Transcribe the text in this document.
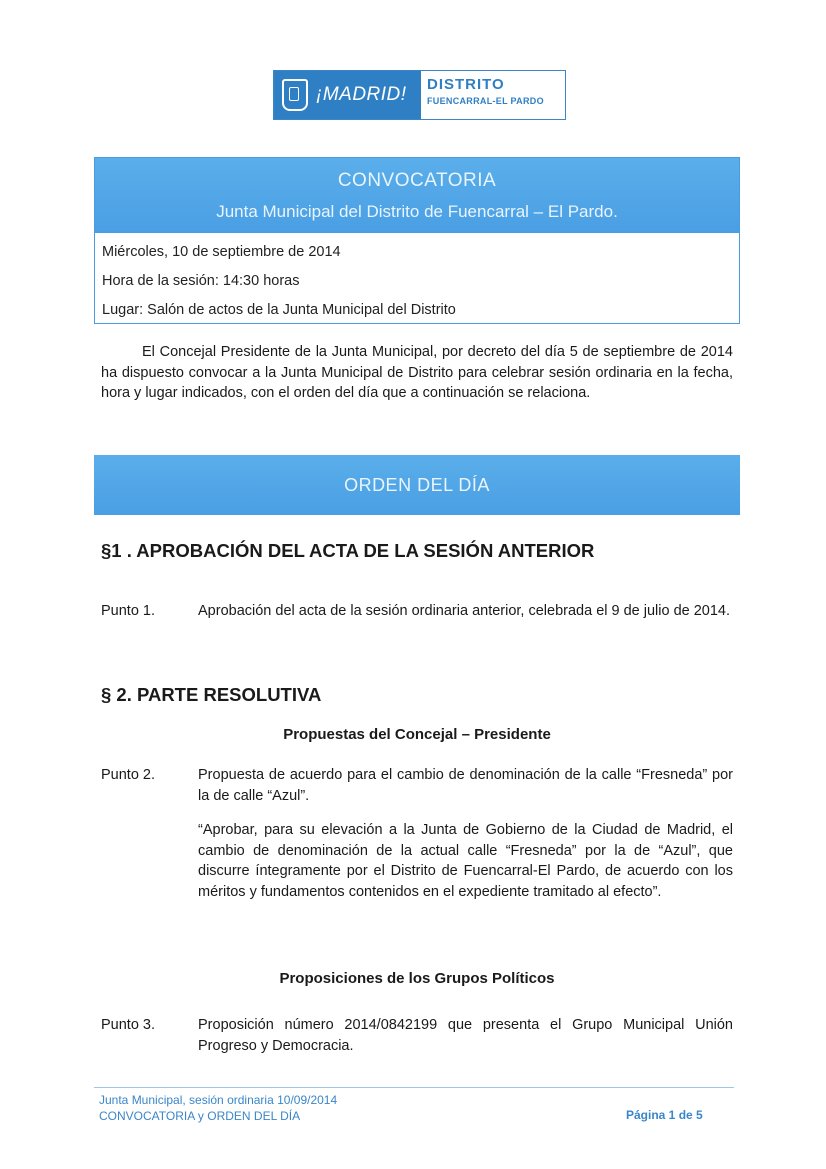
¡MADRID! DISTRITO
FUENCARRAL-EL PARDO
CONVOCATORIA
Junta Municipal del Distrito de Fuencarral – El Pardo.
Miércoles, 10 de septiembre de 2014
Hora de la sesión: 14:30 horas
Lugar: Salón de actos de la Junta Municipal del Distrito
El Concejal Presidente de la Junta Municipal, por decreto del día 5 de septiembre de 2014 ha dispuesto convocar a la Junta Municipal de Distrito para celebrar sesión ordinaria en la fecha, hora y lugar indicados, con el orden del día que a continuación se relaciona.
ORDEN DEL DÍA
§1 . APROBACIÓN DEL ACTA DE LA SESIÓN ANTERIOR
Punto 1.	Aprobación del acta de la sesión ordinaria anterior, celebrada el 9 de julio de 2014.
§ 2. PARTE RESOLUTIVA
Propuestas del Concejal – Presidente
Punto 2.	Propuesta de acuerdo para el cambio de denominación de la calle “Fresneda” por la de calle “Azul”.
“Aprobar, para su elevación a la Junta de Gobierno de la Ciudad de Madrid, el cambio de denominación de la actual calle “Fresneda” por la de “Azul”, que discurre íntegramente por el Distrito de Fuencarral-El Pardo, de acuerdo con los méritos y fundamentos contenidos en el expediente tramitado al efecto”.
Proposiciones de los Grupos Políticos
Punto 3.	Proposición número 2014/0842199 que presenta el Grupo Municipal Unión Progreso y Democracia.
Junta Municipal, sesión ordinaria 10/09/2014
CONVOCATORIA y ORDEN DEL DÍA	Página 1 de 5
